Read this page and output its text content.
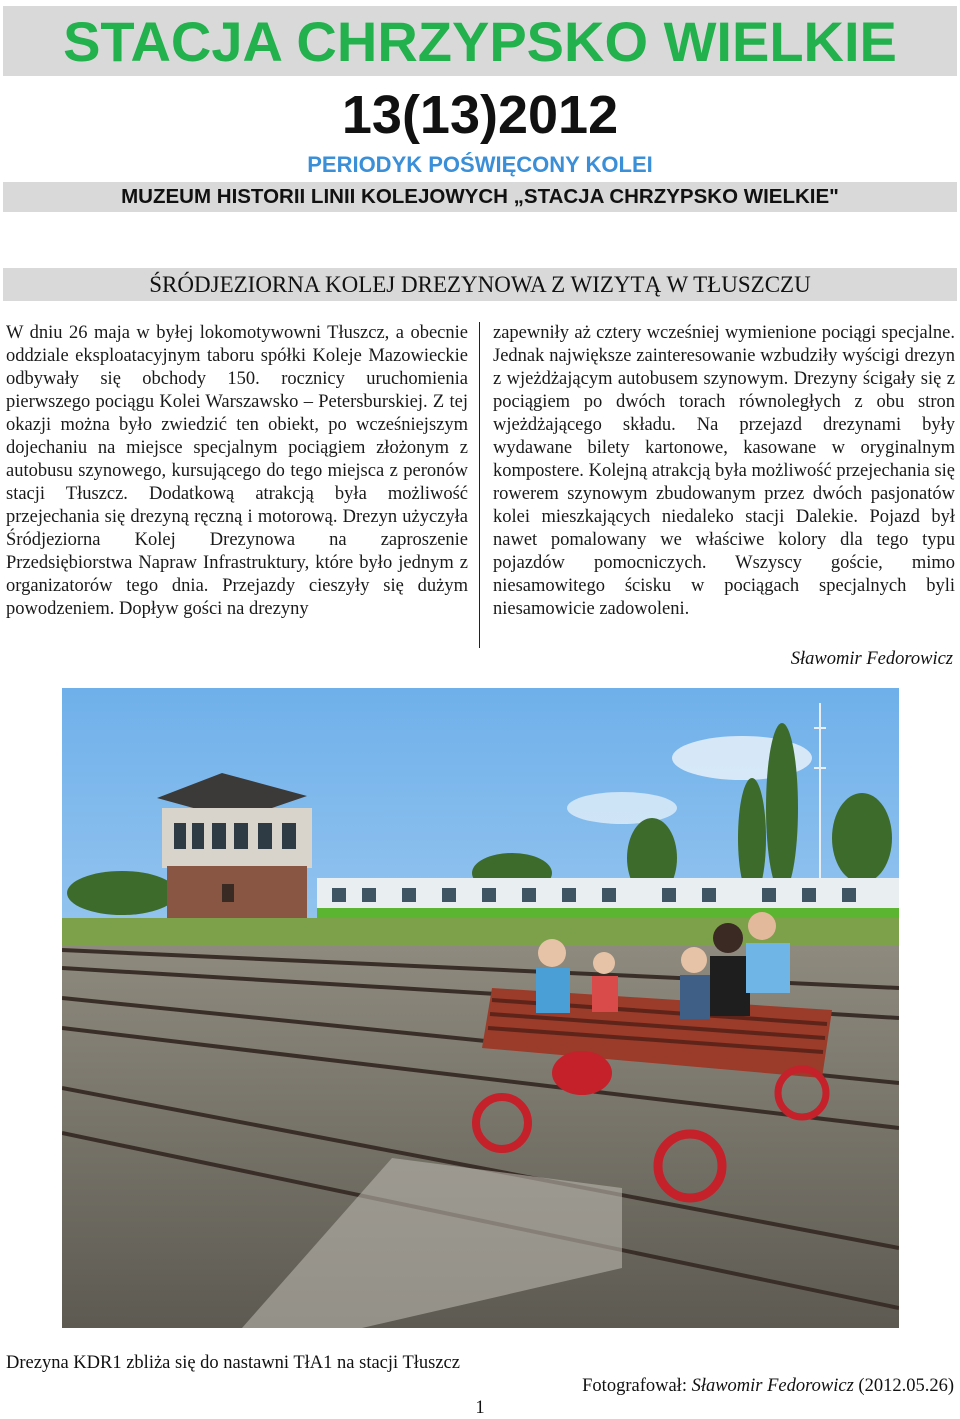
STACJA CHRZYPSKO WIELKIE
13(13)2012
PERIODYK POŚWIĘCONY KOLEI
MUZEUM HISTORII LINII KOLEJOWYCH „STACJA CHRZYPSKO WIELKIE"
ŚRÓDJEZIORNA KOLEJ DREZYNOWA Z WIZYTĄ W TŁUSZCZU
W dniu 26 maja w byłej lokomotywowni Tłuszcz, a obecnie oddziale eksploatacyjnym taboru spółki Koleje Mazowieckie odbywały się obchody 150. rocznicy uruchomienia pierwszego pociągu Kolei Warszawsko – Petersburskiej. Z tej okazji można było zwiedzić ten obiekt, po wcześniejszym dojechaniu na miejsce specjalnym pociągiem złożonym z autobusu szynowego, kursującego do tego miejsca z peronów stacji Tłuszcz. Dodatkową atrakcją była możliwość przejechania się drezyną ręczną i motorową. Drezyn użyczyła Śródjeziorna Kolej Drezynowa na zaproszenie Przedsiębiorstwa Napraw Infrastruktury, które było jednym z organizatorów tego dnia. Przejazdy cieszyły się dużym powodzeniem. Dopływ gości na drezyny
zapewniły aż cztery wcześniej wymienione pociągi specjalne. Jednak największe zainteresowanie wzbudziły wyścigi drezyn z wjeżdżającym autobusem szynowym. Drezyny ścigały się z pociągiem po dwóch torach równoległych z obu stron wjeżdżającego składu. Na przejazd drezynami były wydawane bilety kartonowe, kasowane w oryginalnym kompostere. Kolejną atrakcją była możliwość przejechania się rowerem szynowym zbudowanym przez dwóch pasjonatów kolei mieszkających niedaleko stacji Dalekie. Pojazd był nawet pomalowany we właściwe kolory dla tego typu pojazdów pomocniczych. Wszyscy goście, mimo niesamowitego ścisku w pociągach specjalnych byli niesamowicie zadowoleni.
Sławomir Fedorowicz
Drezyna KDR1 zbliża się do nastawni TłA1 na stacji Tłuszcz
Fotografował: Sławomir Fedorowicz (2012.05.26)
1
